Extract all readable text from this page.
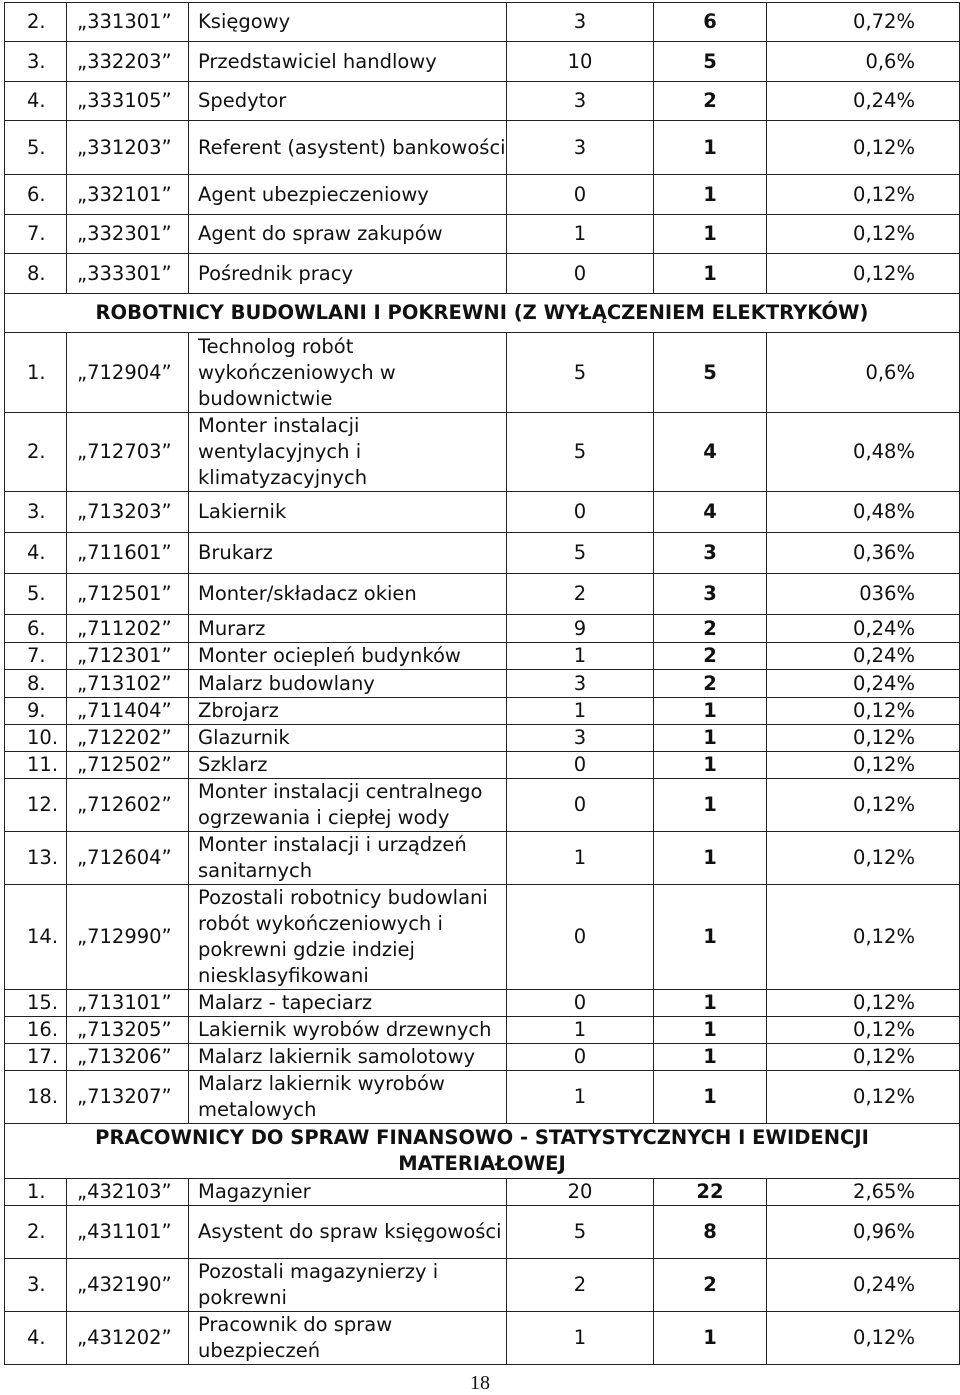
2.	„331301”	Księgowy	3	6	0,72%
3.	„332203”	Przedstawiciel handlowy	10	5	0,6%
4.	„333105”	Spedytor	3	2	0,24%
5.	„331203”	Referent (asystent) bankowości	3	1	0,12%
6.	„332101”	Agent ubezpieczeniowy	0	1	0,12%
7.	„332301”	Agent do spraw zakupów	1	1	0,12%
8.	„333301”	Pośrednik pracy	0	1	0,12%
ROBOTNICY BUDOWLANI I POKREWNI (Z WYŁĄCZENIEM ELEKTRYKÓW)					
1.	„712904”	Technolog robót wykończeniowych w budownictwie	5	5	0,6%
2.	„712703”	Monter instalacji wentylacyjnych i klimatyzacyjnych	5	4	0,48%
3.	„713203”	Lakiernik	0	4	0,48%
4.	„711601”	Brukarz	5	3	0,36%
5.	„712501”	Monter/składacz okien	2	3	036%
6.	„711202”	Murarz	9	2	0,24%
7.	„712301”	Monter ociepleń budynków	1	2	0,24%
8.	„713102”	Malarz budowlany	3	2	0,24%
9.	„711404”	Zbrojarz	1	1	0,12%
10.	„712202”	Glazurnik	3	1	0,12%
11.	„712502”	Szklarz	0	1	0,12%
12.	„712602”	Monter instalacji centralnego ogrzewania i ciepłej wody	0	1	0,12%
13.	„712604”	Monter instalacji i urządzeń sanitarnych	1	1	0,12%
14.	„712990”	Pozostali robotnicy budowlani robót wykończeniowych i pokrewni gdzie indziej niesklasyfikowani	0	1	0,12%
15.	„713101”	Malarz - tapeciarz	0	1	0,12%
16.	„713205”	Lakiernik wyrobów drzewnych	1	1	0,12%
17.	„713206”	Malarz lakiernik samolotowy	0	1	0,12%
18.	„713207”	Malarz lakiernik wyrobów metalowych	1	1	0,12%
PRACOWNICY DO SPRAW FINANSOWO - STATYSTYCZNYCH I EWIDENCJI MATERIAŁOWEJ					
1.	„432103”	Magazynier	20	22	2,65%
2.	„431101”	Asystent do spraw księgowości	5	8	0,96%
3.	„432190”	Pozostali magazynierzy i pokrewni	2	2	0,24%
4.	„431202”	Pracownik do spraw ubezpieczeń	1	1	0,12%
18
